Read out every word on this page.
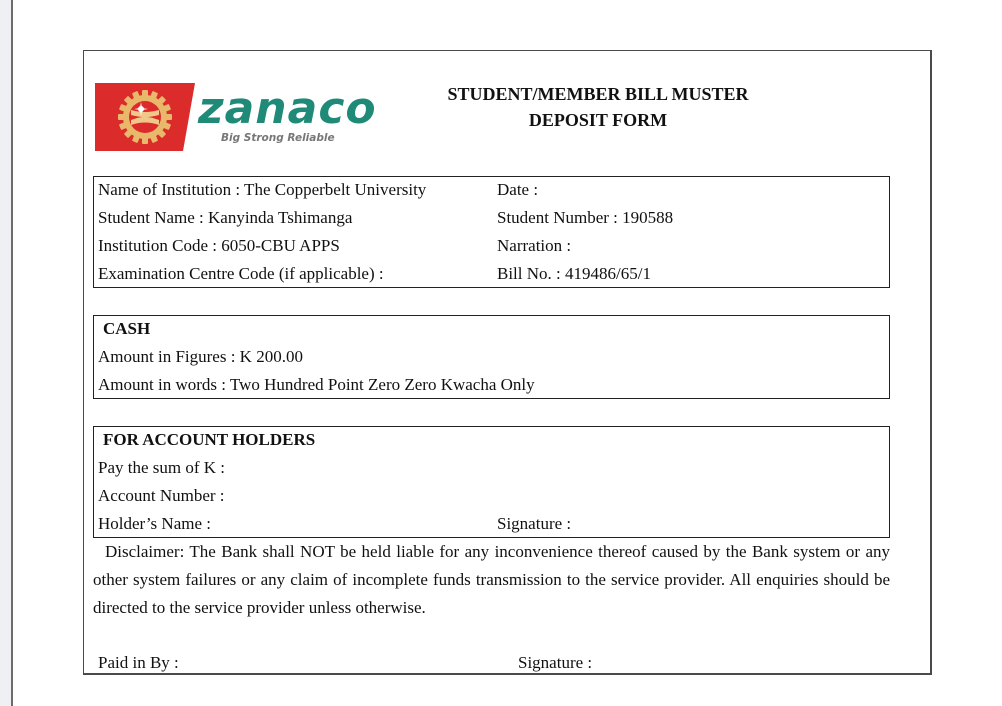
zanaco
Big Strong Reliable
STUDENT/MEMBER BILL MUSTER
DEPOSIT FORM
Name of Institution : The Copperbelt University
Student Name : Kanyinda Tshimanga
Institution Code : 6050-CBU APPS
Examination Centre Code (if applicable) :
Date :
Student Number : 190588
Narration :
Bill No. : 419486/65/1
CASH
Amount in Figures : K 200.00
Amount in words : Two Hundred Point Zero Zero Kwacha Only
FOR ACCOUNT HOLDERS
Pay the sum of K :
Account Number :
Holder’s Name :	Signature :
Disclaimer: The Bank shall NOT be held liable for any inconvenience thereof caused by the Bank system or any other system failures or any claim of incomplete funds transmission to the service provider. All enquiries should be directed to the service provider unless otherwise.
Paid in By :	Signature :
